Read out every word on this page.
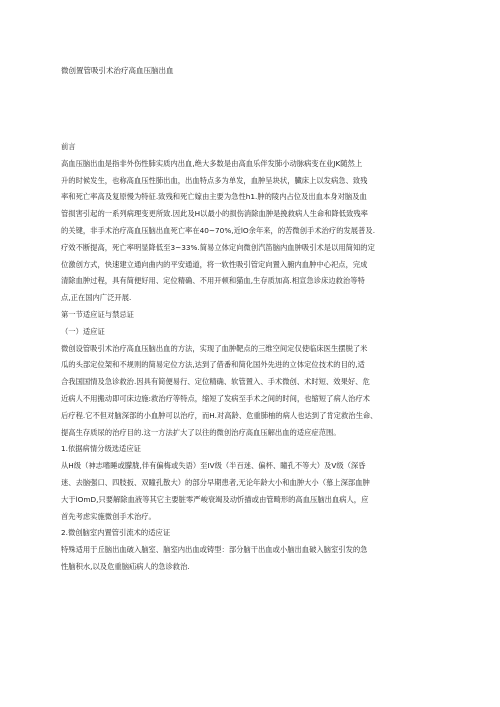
微创置管吸引术治疗高血压脑出血

前言
高血压脑出血是指非外伤性肺实质内出血,绝大多数是由高血乐伴发肺小动脉病变在业JK随然上
升的时候发生，也称高血压性肺出血，出血特点多为单发，血肿呈块状，臓床上以发病急、致残
率和死亡率高及复原慢为特征.致残和死亡嫁由主要为急性h1.肿的陵内占位及出血本身对脑及血
管损害引起的一系列病理变更所致.因此及H以最小的损伤消除血肿是挽救病人生命和降低致残率
的关键，非手术治疗高血压脑出血死亡率在40~70%,近lO余年来，的苦微创手术治疗的发展普及.
疗效不断提高，死亡率明显降低至3~33%.简易立体定向微创汽笛脑内血肿吸引术是以用简知的定
位激创方式，快速建立通向曲内的平安通道，将一软性吸引管定向置入腑内血肿中心祀点，完成
清除血肿过程，具有简便好用、定位精确、不用开顿和猫血,生存质加高.相宣急诊床边救治等特
点,正在国内广泛开展.
第一节适应证与禁忌证
（一）适应证
微创设管吸引术治疗高血压脑出血的方法，实现了血肿靶点的三维空间定仅使临床医生摆脱了米
瓜的头部定位架和不规则的简易定位方法,达到了借番和简化国外先进的立体定位技术的目的,适
合我国国情及急诊救治.因具有简便易行、定位精确、软管置入、手术微创、术时短、效果好、危
近病人不用搬动即可床边施:救治疗等特点，缩短了发病至手术之间的时间，也缩短了病人治疗术
后疗程.它不但对脑深部的小血肿可以治疗，而H.对高龄、危重肺柚的病人也达到了肯定救治生命、
提高生存质尿的治疗目的.这一方法扩大了以往的微创治疗高血压解出血的适应症范围。
1.依据病情分级选适应证
从H级（神志嗜睡或朦胧,伴有偏梅或失语）至IV级（半百迷、偏杯、瞳孔不等大）及V级（深昏
迷、去脑强口、四肢扳、双瞳孔散大）的部分早期患者,无论年龄大小和血肿大小（慕上深部血肿
大于lOmD,只要解除血液等其它主要脏零严峻衰竭及动忻描或由管畸形的高血压脑出血病人，应
首先考虑实施微创手术治疗。
2.微创脑室内置管引流术的适应证
特殊适用于丘脑出血破入脑室、脑室内出血或铸型：部分脑干出血或小脑出血破入脑室引发的急
性脑积水,以及危重脑疝病人的急诊救治.
